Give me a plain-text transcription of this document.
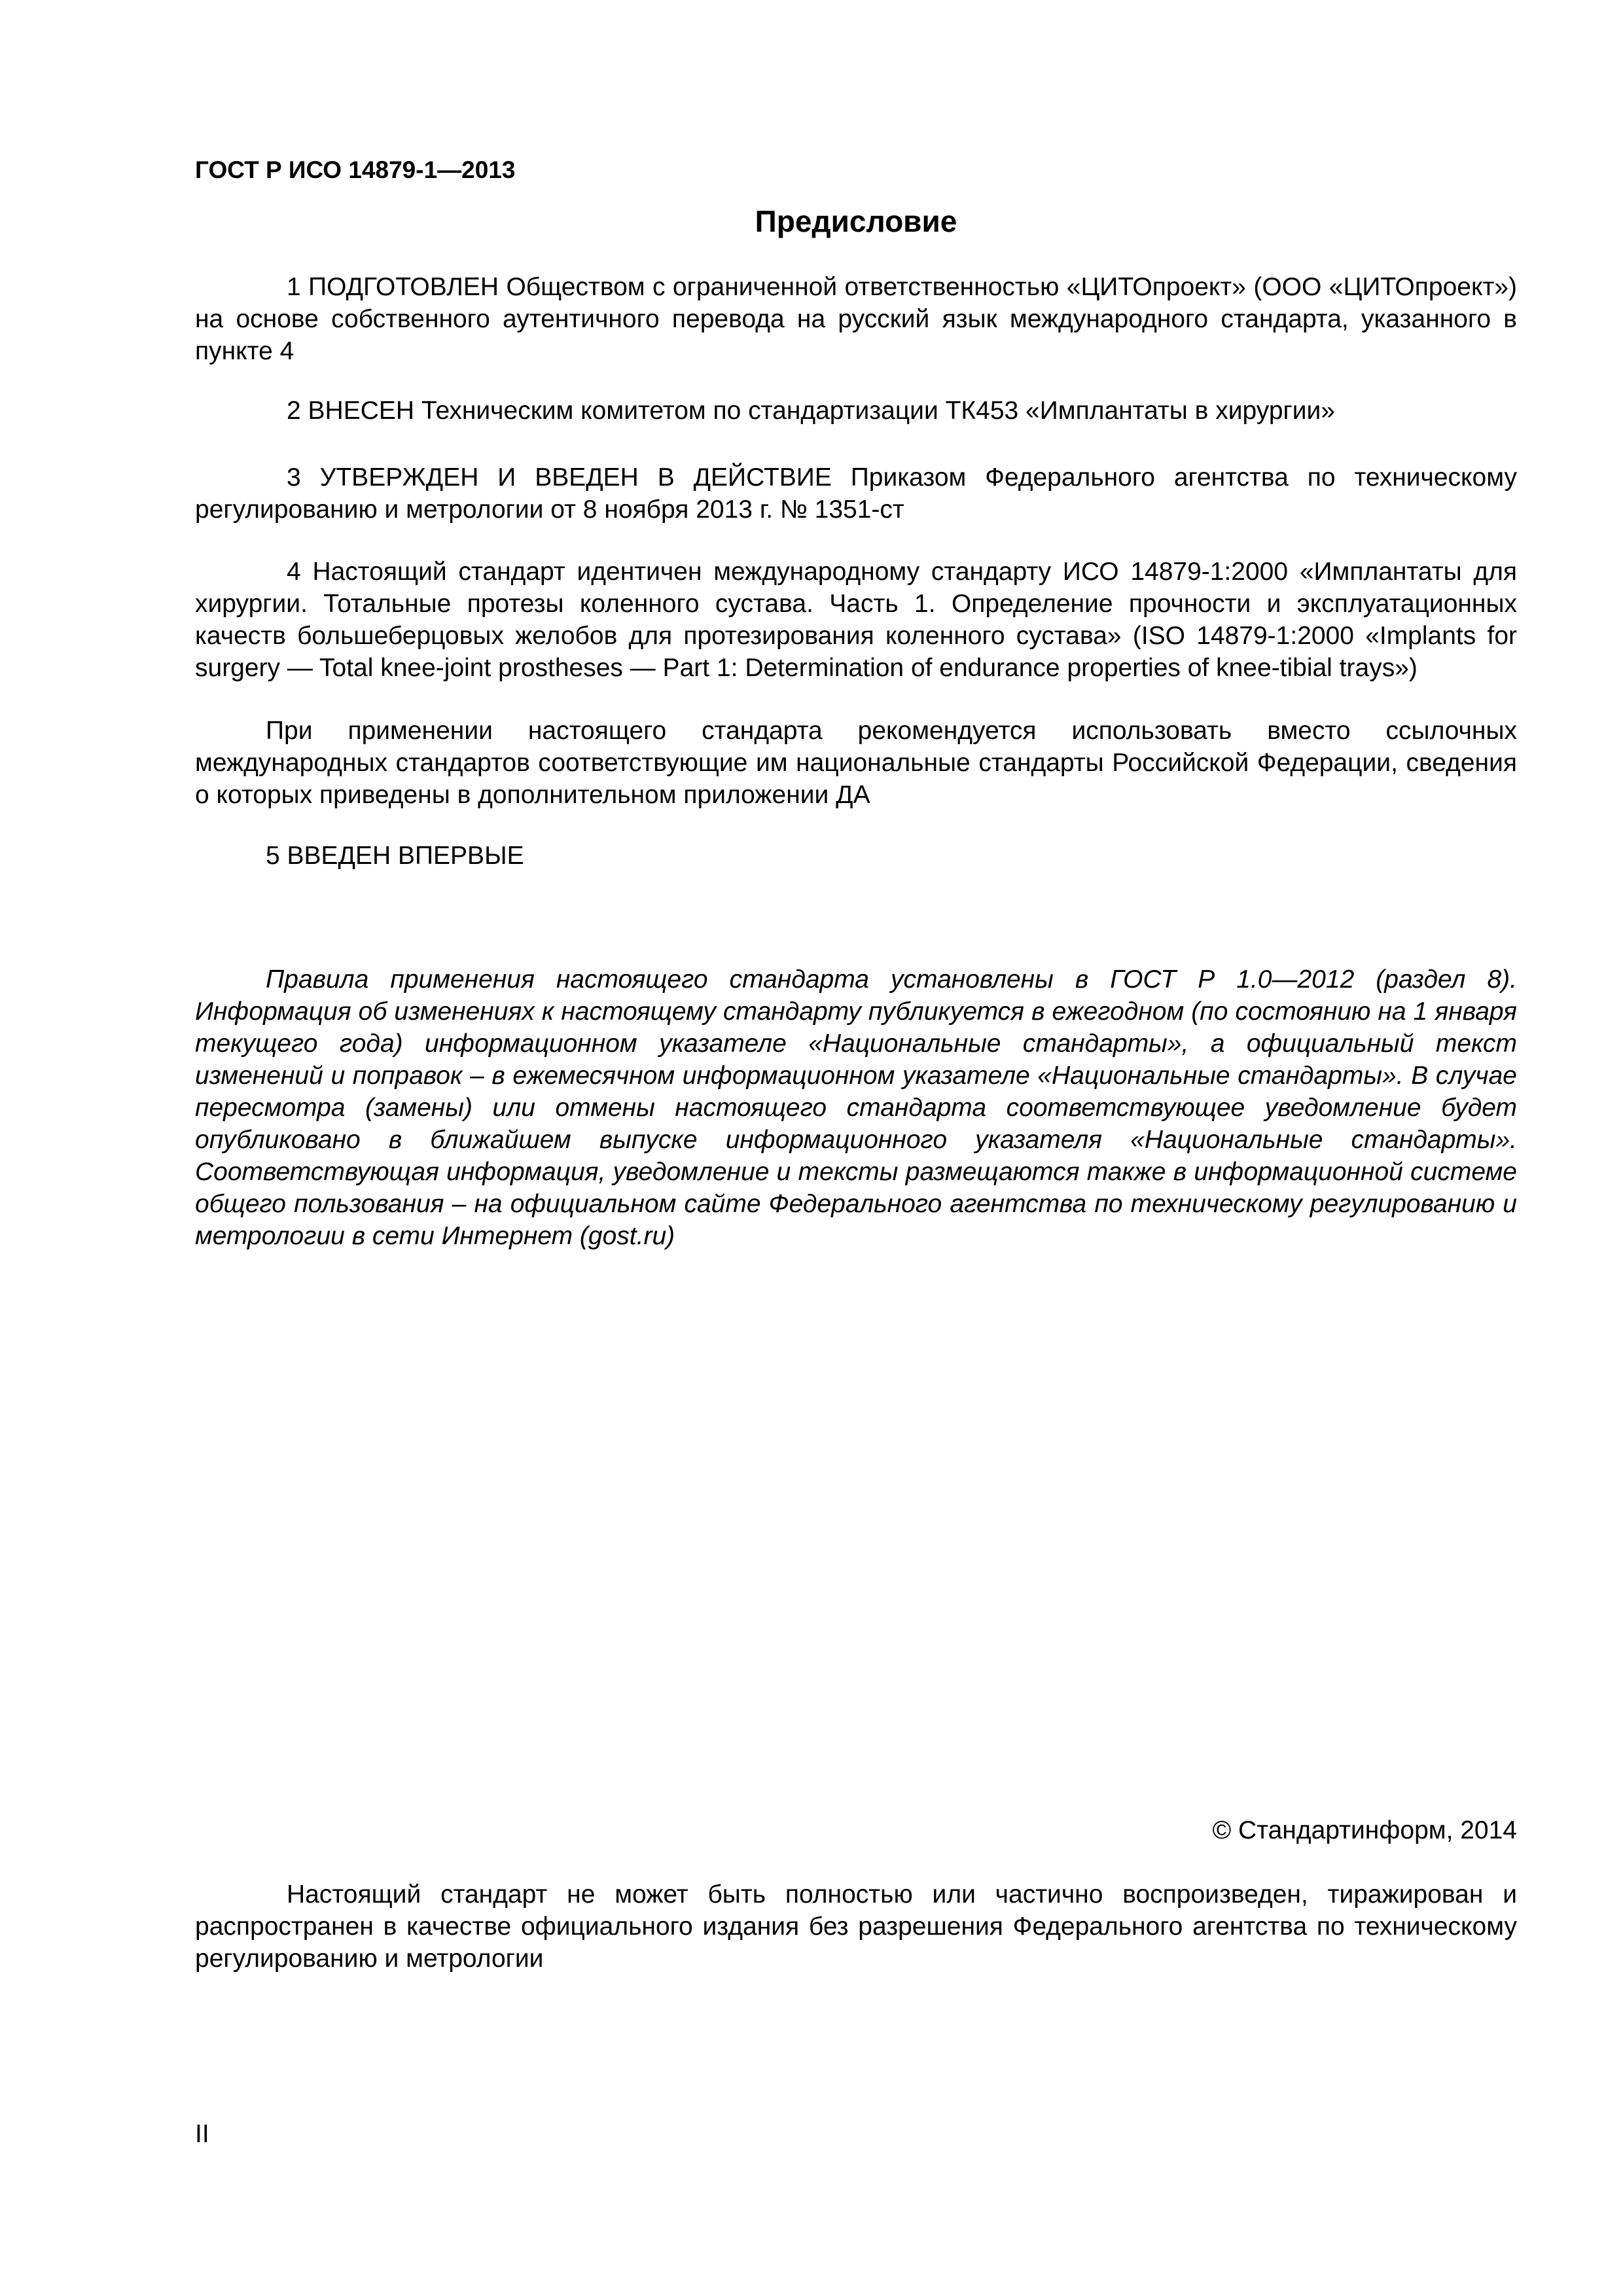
ГОСТ Р ИСО 14879-1—2013

Предисловие

1 ПОДГОТОВЛЕН Обществом с ограниченной ответственностью «ЦИТОпроект» (ООО «ЦИТОпроект») на основе собственного аутентичного перевода на русский язык международного стандарта, указанного в пункте 4

2 ВНЕСЕН Техническим комитетом по стандартизации ТК453 «Имплантаты в хирургии»

3 УТВЕРЖДЕН И ВВЕДЕН В ДЕЙСТВИЕ Приказом Федерального агентства по техническому регулированию и метрологии от 8 ноября 2013 г. № 1351-ст

4 Настоящий стандарт идентичен международному стандарту ИСО 14879-1:2000 «Имплантаты для хирургии. Тотальные протезы коленного сустава. Часть 1. Определение прочности и эксплуатационных качеств большеберцовых желобов для протезирования коленного сустава» (ISO 14879-1:2000 «Implants for surgery — Total knee-joint prostheses — Part 1: Determination of endurance properties of knee-tibial trays»)

При применении настоящего стандарта рекомендуется использовать вместо ссылочных международных стандартов соответствующие им национальные стандарты Российской Федерации, сведения о которых приведены в дополнительном приложении ДА

5 ВВЕДЕН ВПЕРВЫЕ

Правила применения настоящего стандарта установлены в ГОСТ Р 1.0—2012 (раздел 8). Информация об изменениях к настоящему стандарту публикуется в ежегодном (по состоянию на 1 января текущего года) информационном указателе «Национальные стандарты», а официальный текст изменений и поправок – в ежемесячном информационном указателе «Национальные стандарты». В случае пересмотра (замены) или отмены настоящего стандарта соответствующее уведомление будет опубликовано в ближайшем выпуске информационного указателя «Национальные стандарты». Соответствующая информация, уведомление и тексты размещаются также в информационной системе общего пользования – на официальном сайте Федерального агентства по техническому регулированию и метрологии в сети Интернет (gost.ru)

© Стандартинформ, 2014

Настоящий стандарт не может быть полностью или частично воспроизведен, тиражирован и распространен в качестве официального издания без разрешения Федерального агентства по техническому регулированию и метрологии

II
